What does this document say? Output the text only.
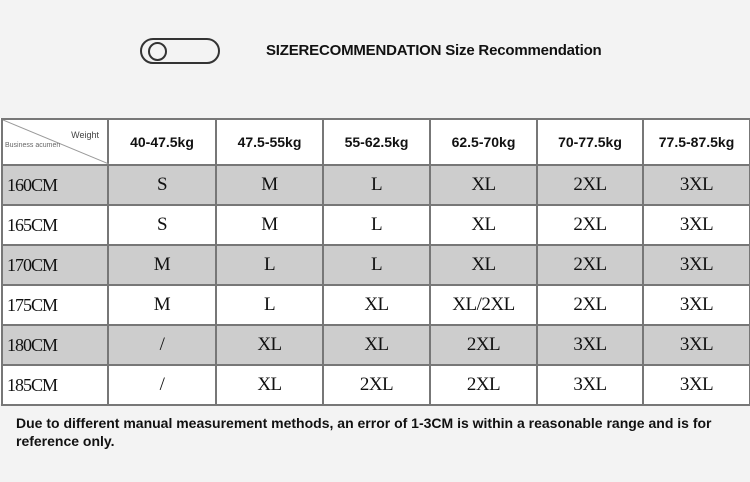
SIZERECOMMENDATION Size Recommendation
Weight
Business acumen	40-47.5kg	47.5-55kg	55-62.5kg	62.5-70kg	70-77.5kg	77.5-87.5kg
160CM	S	M	L	XL	2XL	3XL
165CM	S	M	L	XL	2XL	3XL
170CM	M	L	L	XL	2XL	3XL
175CM	M	L	XL	XL/2XL	2XL	3XL
180CM	/	XL	XL	2XL	3XL	3XL
185CM	/	XL	2XL	2XL	3XL	3XL
Due to different manual measurement methods, an error of 1-3CM is within a reasonable range and is for reference only.
